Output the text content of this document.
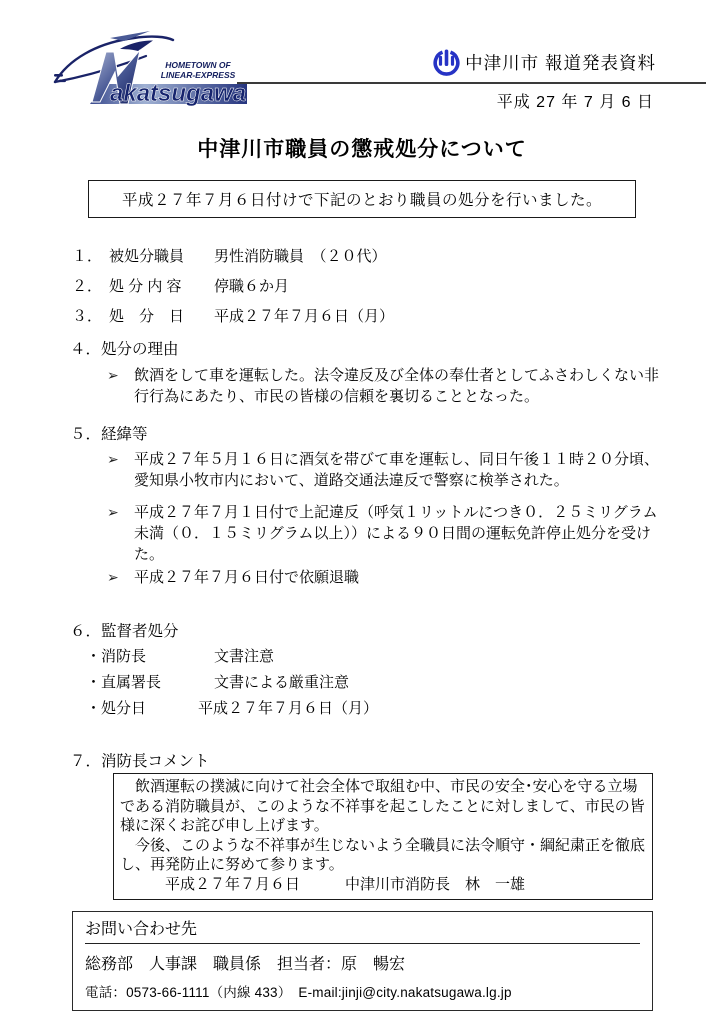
akatsugawa
HOMETOWN OF
LINEAR-EXPRESS
中津川市 報道発表資料
平成 27 年 7 月 6 日
中津川市職員の懲戒処分について
平成２７年７月６日付けで下記のとおり職員の処分を行いました。
１． 被処分職員	男性消防職員　（２０代）
２． 処 分 内 容	停職６か月
３． 処　分　日	平成２７年７月６日（月）
４．処分の理由
➢	飲酒をして車を運転した。法令違反及び全体の奉仕者としてふさわしくない非行行為にあたり、市民の皆様の信頼を裏切ることとなった。
５．経緯等
➢	平成２７年５月１６日に酒気を帯びて車を運転し、同日午後１１時２０分頃、愛知県小牧市内において、道路交通法違反で警察に検挙された。
➢	平成２７年７月１日付で上記違反（呼気１リットルにつき０．２５ミリグラム未満（０．１５ミリグラム以上））による９０日間の運転免許停止処分を受けた。
➢	平成２７年７月６日付で依願退職
６．監督者処分
・消防長	文書注意
・直属署長	文書による厳重注意
・処分日	平成２７年７月６日（月）
７．消防長コメント

　飲酒運転の撲滅に向けて社会全体で取組む中、市民の安全･安心を守る立場である消防職員が、このような不祥事を起こしたことに対しまして、市民の皆様に深くお詫び申し上げます。

　今後、このような不祥事が生じないよう全職員に法令順守・綱紀粛正を徹底し、再発防止に努めて参ります。

　　　平成２７年７月６日　　　中津川市消防長　林　一雄

お問い合わせ先
総務部　人事課　職員係　担当者：原　暢宏
電話：0573-66-1111（内線 433）　E-mail:jinji@city.nakatsugawa.lg.jp
